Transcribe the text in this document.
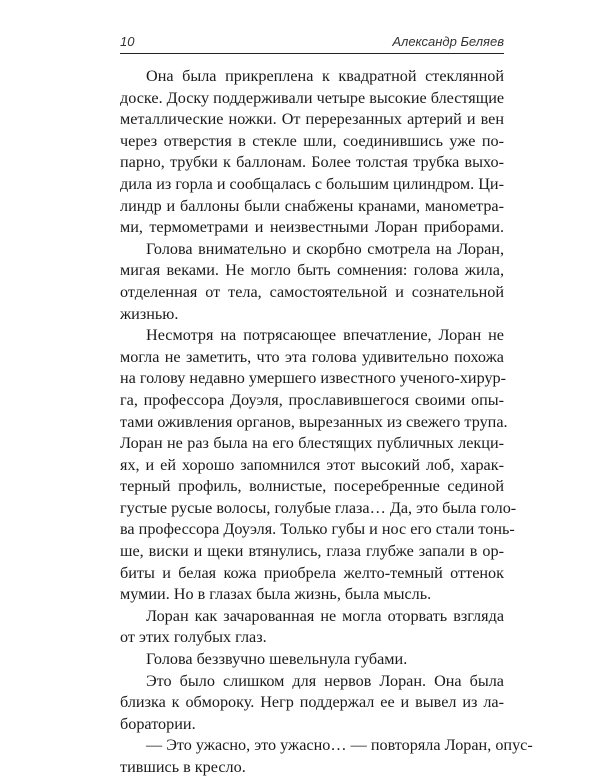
10	Александр Беляев
Она была прикреплена к квадратной стеклянной
доске. Доску поддерживали четыре высокие блестящие
металлические ножки. От перерезанных артерий и вен
через отверстия в стекле шли, соединившись уже по-
парно, трубки к баллонам. Более толстая трубка выхо-
дила из горла и сообщалась с большим цилиндром. Ци-
линдр и баллоны были снабжены кранами, манометра-
ми, термометрами и неизвестными Лоран приборами.
Голова внимательно и скорбно смотрела на Лоран,
мигая веками. Не могло быть сомнения: голова жила,
отделенная от тела, самостоятельной и сознательной
жизнью.
Несмотря на потрясающее впечатление, Лоран не
могла не заметить, что эта голова удивительно похожа
на голову недавно умершего известного ученого-хирур-
га, профессора Доуэля, прославившегося своими опы-
тами оживления органов, вырезанных из свежего трупа.
Лоран не раз была на его блестящих публичных лекци-
ях, и ей хорошо запомнился этот высокий лоб, харак-
терный профиль, волнистые, посеребренные сединой
густые русые волосы, голубые глаза… Да, это была голо-
ва профессора Доуэля. Только губы и нос его стали тонь-
ше, виски и щеки втянулись, глаза глубже запали в ор-
биты и белая кожа приобрела желто-темный оттенок
мумии. Но в глазах была жизнь, была мысль.
Лоран как зачарованная не могла оторвать взгляда
от этих голубых глаз.
Голова беззвучно шевельнула губами.
Это было слишком для нервов Лоран. Она была
близка к обмороку. Негр поддержал ее и вывел из ла-
боратории.
— Это ужасно, это ужасно… — повторяла Лоран, опус-
тившись в кресло.
